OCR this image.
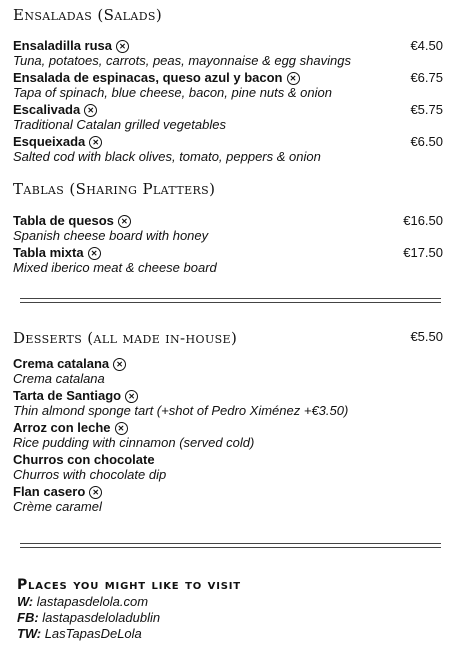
Ensaladas (Salads)
Ensaladilla rusa ✕	€4.50
Tuna, potatoes, carrots, peas, mayonnaise & egg shavings
Ensalada de espinacas, queso azul y bacon ✕	€6.75
Tapa of spinach, blue cheese, bacon, pine nuts & onion
Escalivada ✕	€5.75
Traditional Catalan grilled vegetables
Esqueixada ✕	€6.50
Salted cod with black olives, tomato, peppers & onion
Tablas (Sharing Platters)
Tabla de quesos ✕	€16.50
Spanish cheese board with honey
Tabla mixta ✕	€17.50
Mixed iberico meat & cheese board
Desserts (all made in-house)	€5.50
Crema catalana ✕
Crema catalana
Tarta de Santiago ✕
Thin almond sponge tart (+shot of Pedro Ximénez +€3.50)
Arroz con leche ✕
Rice pudding with cinnamon (served cold)
Churros con chocolate
Churros with chocolate dip
Flan casero ✕
Crème caramel
Places you might like to visit
W: lastapasdelola.com
FB: lastapasdeloladublin
TW: LasTapasDeLola
